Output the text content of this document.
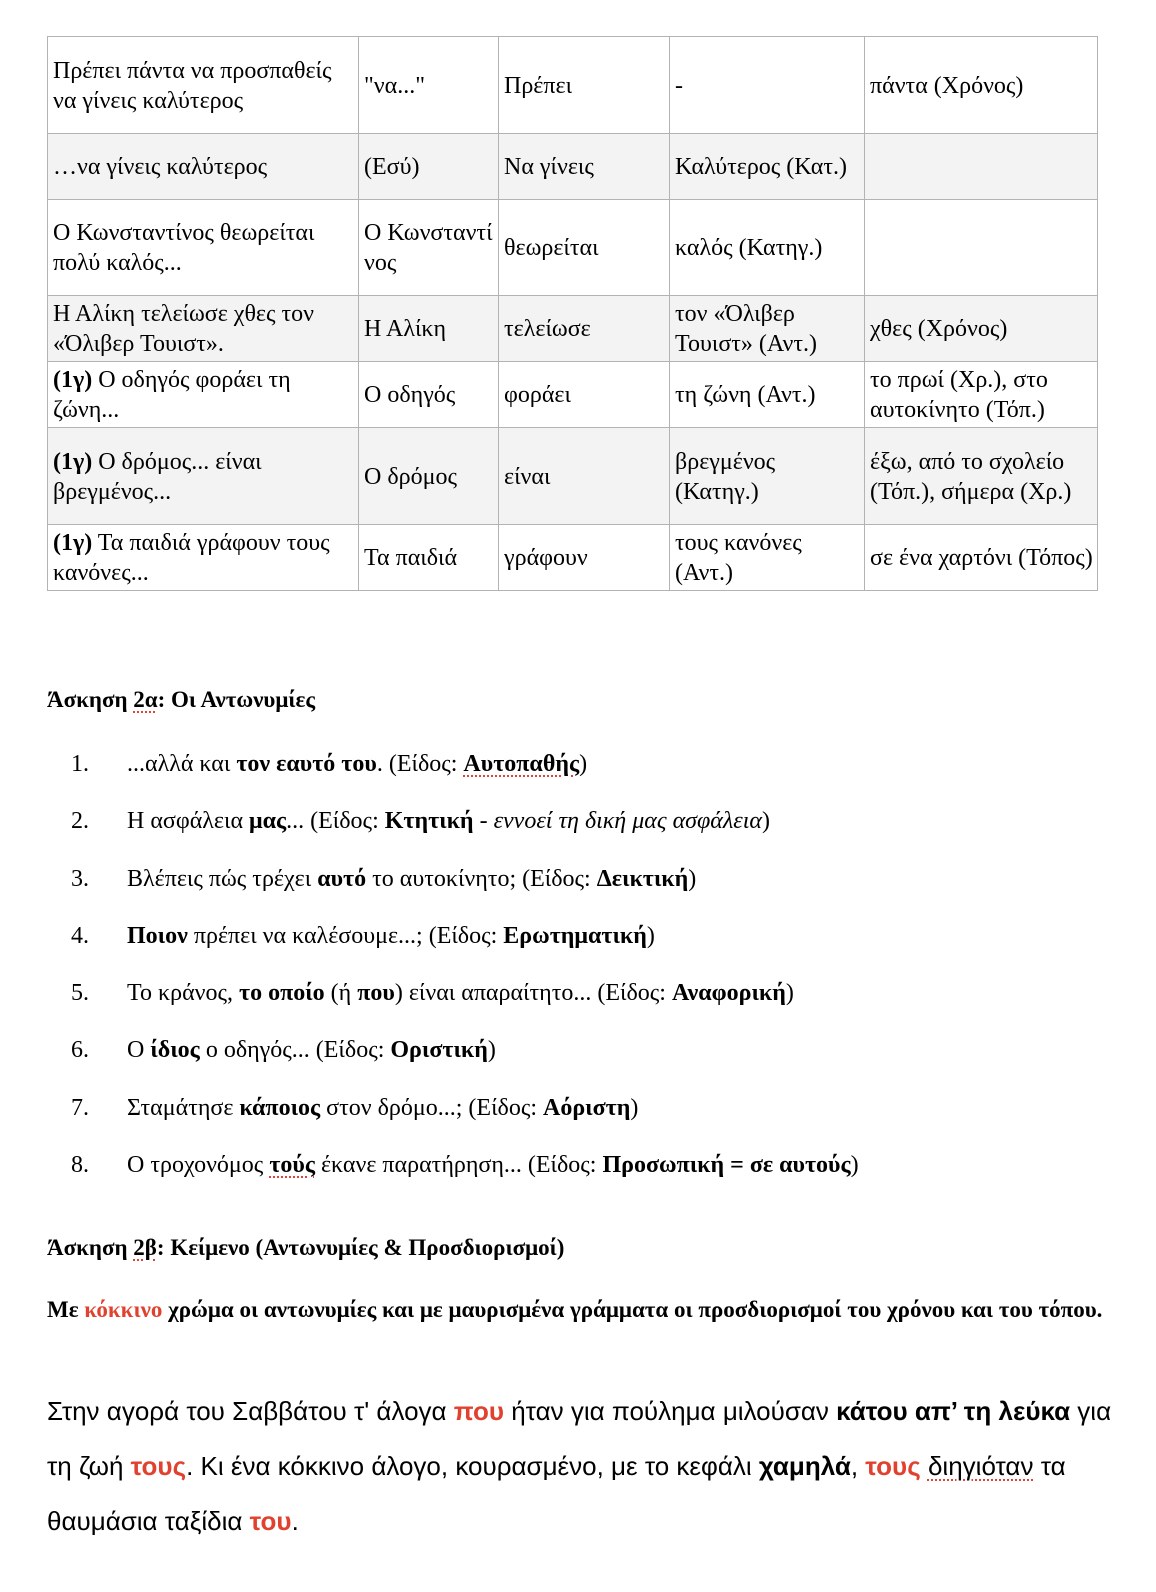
Πρέπει πάντα να προσπαθείς να γίνεις καλύτερος	"να..."	Πρέπει	-	πάντα (Χρόνος)
…να γίνεις καλύτερος	(Εσύ)	Να γίνεις	Καλύτερος (Κατ.)	
Ο Κωνσταντίνος θεωρείται πολύ καλός...	Ο Κωνσταντί νος	θεωρείται	καλός (Κατηγ.)	
Η Αλίκη τελείωσε χθες τον «Όλιβερ Τουιστ».	Η Αλίκη	τελείωσε	τον «Όλιβερ Τουιστ» (Αντ.)	χθες (Χρόνος)
(1γ) Ο οδηγός φοράει τη ζώνη...	Ο οδηγός	φοράει	τη ζώνη (Αντ.)	το πρωί (Χρ.), στο αυτοκίνητο (Τόπ.)
(1γ) Ο δρόμος... είναι βρεγμένος...	Ο δρόμος	είναι	βρεγμένος (Κατηγ.)	έξω, από το σχολείο (Τόπ.), σήμερα (Χρ.)
(1γ) Τα παιδιά γράφουν τους κανόνες...	Τα παιδιά	γράφουν	τους κανόνες (Αντ.)	σε ένα χαρτόνι (Τόπος)
Άσκηση 2α: Οι Αντωνυμίες
1.	...αλλά και τον εαυτό του. (Είδος: Αυτοπαθής)
2.	Η ασφάλεια μας... (Είδος: Κτητική - εννοεί τη δική μας ασφάλεια)
3.	Βλέπεις πώς τρέχει αυτό το αυτοκίνητο; (Είδος: Δεικτική)
4.	Ποιον πρέπει να καλέσουμε...; (Είδος: Ερωτηματική)
5.	Το κράνος, το οποίο (ή που) είναι απαραίτητο... (Είδος: Αναφορική)
6.	Ο ίδιος ο οδηγός... (Είδος: Οριστική)
7.	Σταμάτησε κάποιος στον δρόμο...; (Είδος: Αόριστη)
8.	Ο τροχονόμος τούς έκανε παρατήρηση... (Είδος: Προσωπική = σε αυτούς)
Άσκηση 2β: Κείμενο (Αντωνυμίες & Προσδιορισμοί)
Με κόκκινο χρώμα οι αντωνυμίες και με μαυρισμένα γράμματα οι προσδιορισμοί του χρόνου και του τόπου.
Στην αγορά του Σαββάτου τ' άλογα που ήταν για πούλημα μιλούσαν κάτου απ’ τη λεύκα για τη ζωή τους. Κι ένα κόκκινο άλογο, κουρασμένο, με το κεφάλι χαμηλά, τους διηγιόταν τα θαυμάσια ταξίδια του.
